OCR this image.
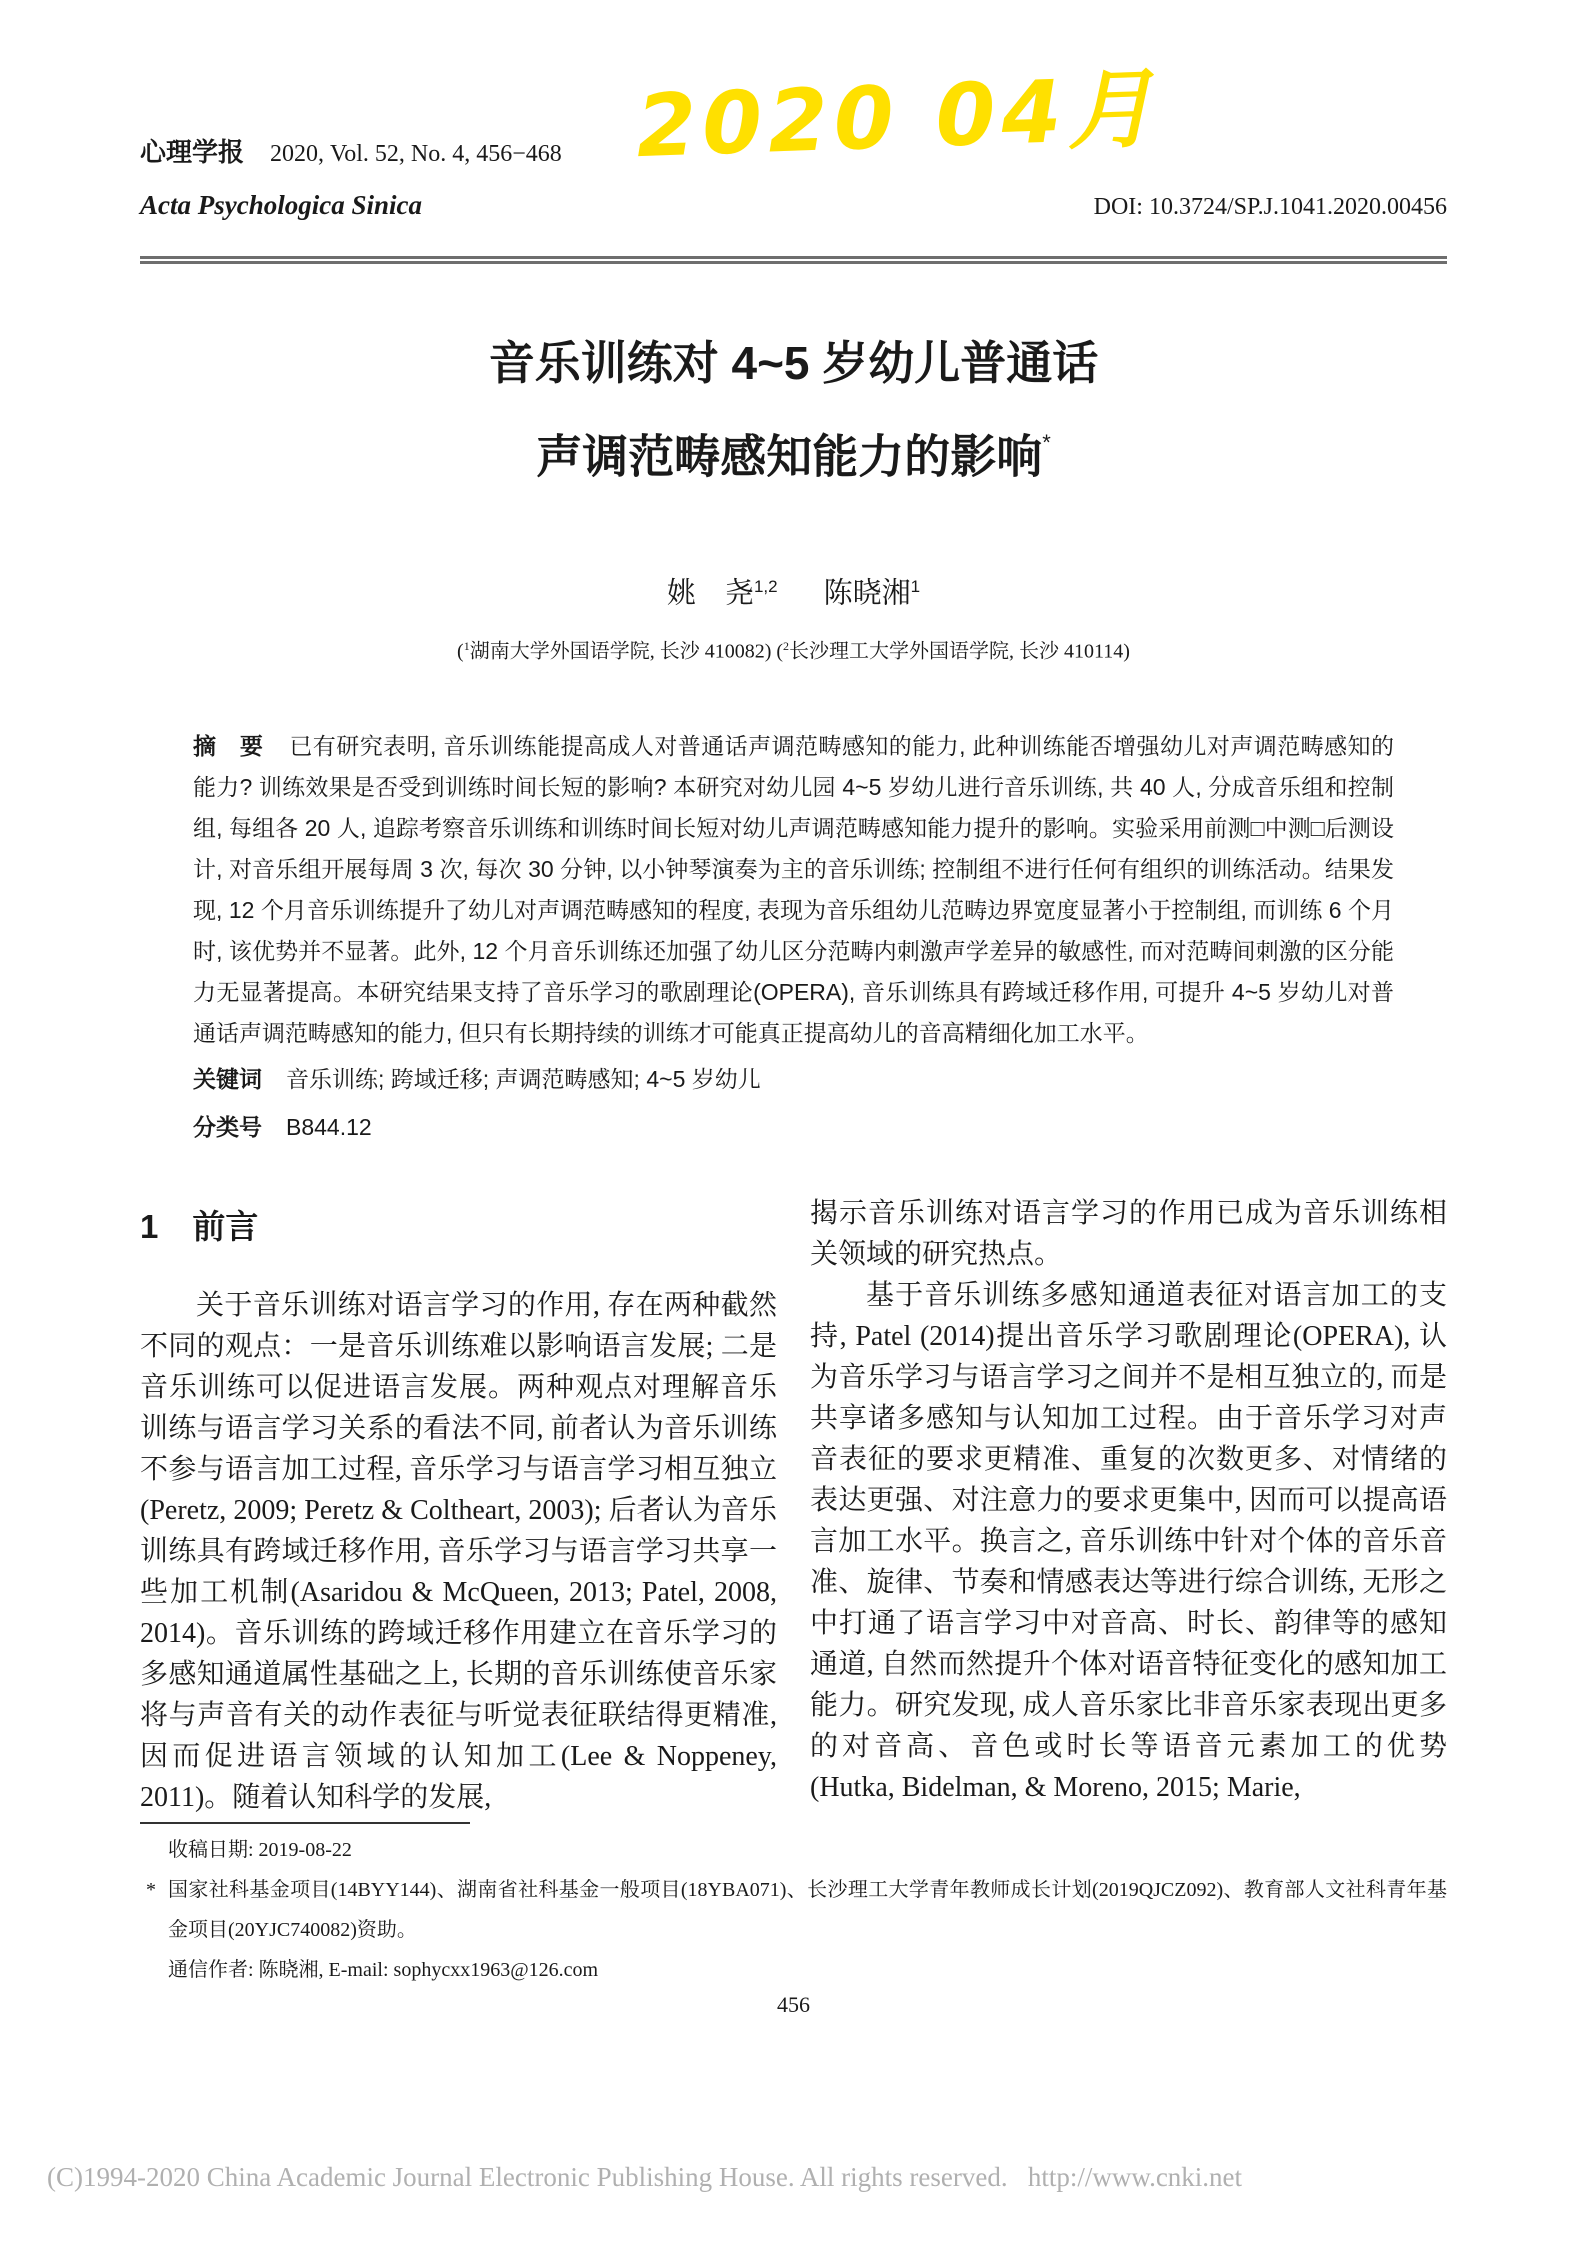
2020 04月
心理学报 2020, Vol. 52, No. 4, 456−468
Acta Psychologica Sinica	DOI: 10.3724/SP.J.1041.2020.00456
音乐训练对 4~5 岁幼儿普通话
声调范畴感知能力的影响*
姚　尧$^{1,2}$ 陈晓湘$^1$
($^1$湖南大学外国语学院, 长沙 410082) ($^2$长沙理工大学外国语学院, 长沙 410114)
摘　要 已有研究表明, 音乐训练能提高成人对普通话声调范畴感知的能力, 此种训练能否增强幼儿对声调范畴感知的能力? 训练效果是否受到训练时间长短的影响? 本研究对幼儿园 4~5 岁幼儿进行音乐训练, 共 40 人, 分成音乐组和控制组, 每组各 20 人, 追踪考察音乐训练和训练时间长短对幼儿声调范畴感知能力提升的影响。实验采用前测□中测□后测设计, 对音乐组开展每周 3 次, 每次 30 分钟, 以小钟琴演奏为主的音乐训练; 控制组不进行任何有组织的训练活动。结果发现, 12 个月音乐训练提升了幼儿对声调范畴感知的程度, 表现为音乐组幼儿范畴边界宽度显著小于控制组, 而训练 6 个月时, 该优势并不显著。此外, 12 个月音乐训练还加强了幼儿区分范畴内刺激声学差异的敏感性, 而对范畴间刺激的区分能力无显著提高。本研究结果支持了音乐学习的歌剧理论(OPERA), 音乐训练具有跨域迁移作用, 可提升 4~5 岁幼儿对普通话声调范畴感知的能力, 但只有长期持续的训练才可能真正提高幼儿的音高精细化加工水平。
关键词 音乐训练; 跨域迁移; 声调范畴感知; 4~5 岁幼儿
分类号 B844.12
1 前言

关于音乐训练对语言学习的作用, 存在两种截然不同的观点：一是音乐训练难以影响语言发展; 二是音乐训练可以促进语言发展。两种观点对理解音乐训练与语言学习关系的看法不同, 前者认为音乐训练不参与语言加工过程, 音乐学习与语言学习相互独立(Peretz, 2009; Peretz & Coltheart, 2003); 后者认为音乐训练具有跨域迁移作用, 音乐学习与语言学习共享一些加工机制(Asaridou & McQueen, 2013; Patel, 2008, 2014)。音乐训练的跨域迁移作用建立在音乐学习的多感知通道属性基础之上, 长期的音乐训练使音乐家将与声音有关的动作表征与听觉表征联结得更精准, 因而促进语言领域的认知加工(Lee & Noppeney, 2011)。随着认知科学的发展,

揭示音乐训练对语言学习的作用已成为音乐训练相关领域的研究热点。

基于音乐训练多感知通道表征对语言加工的支持, Patel (2014)提出音乐学习歌剧理论(OPERA), 认为音乐学习与语言学习之间并不是相互独立的, 而是共享诸多感知与认知加工过程。由于音乐学习对声音表征的要求更精准、重复的次数更多、对情绪的表达更强、对注意力的要求更集中, 因而可以提高语言加工水平。换言之, 音乐训练中针对个体的音乐音准、旋律、节奏和情感表达等进行综合训练, 无形之中打通了语言学习中对音高、时长、韵律等的感知通道, 自然而然提升个体对语音特征变化的感知加工能力。研究发现, 成人音乐家比非音乐家表现出更多的对音高、音色或时长等语音元素加工的优势(Hutka, Bidelman, & Moreno, 2015; Marie,

收稿日期: 2019-08-22
* 国家社科基金项目(14BYY144)、湖南省社科基金一般项目(18YBA071)、长沙理工大学青年教师成长计划(2019QJCZ092)、教育部人文社科青年基金项目(20YJC740082)资助。
通信作者: 陈晓湘, E-mail: sophycxx1963@126.com
456
(C)1994-2020 China Academic Journal Electronic Publishing House. All rights reserved.   http://www.cnki.net
